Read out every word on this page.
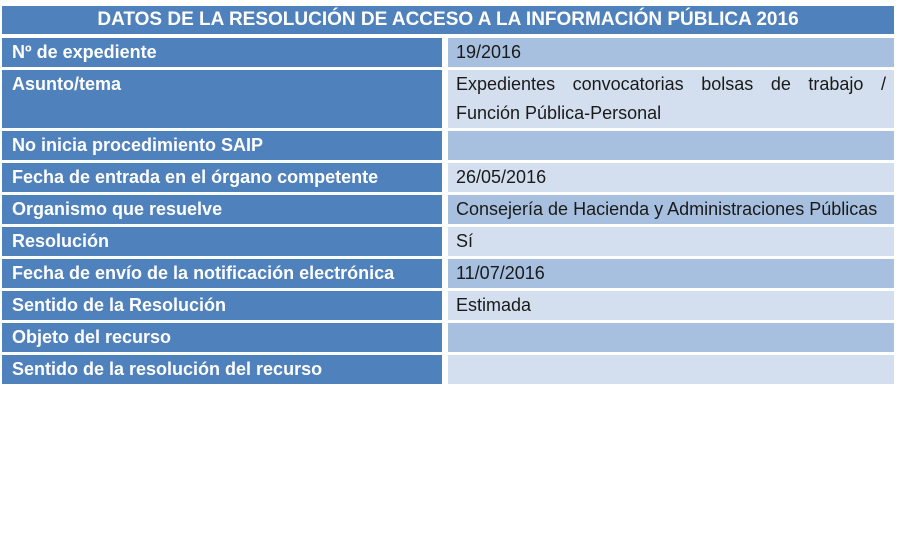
DATOS DE LA RESOLUCIÓN DE ACCESO A LA INFORMACIÓN PÚBLICA 2016	
Nº de expediente	19/2016
Asunto/tema	Expedientes convocatorias bolsas de trabajo / Función Pública-Personal
No inicia procedimiento SAIP	
Fecha de entrada en el órgano competente	26/05/2016
Organismo que resuelve	Consejería de Hacienda y Administraciones Públicas
Resolución	Sí
Fecha de envío de la notificación electrónica	11/07/2016
Sentido de la Resolución	Estimada
Objeto del recurso	
Sentido de la resolución del recurso	
